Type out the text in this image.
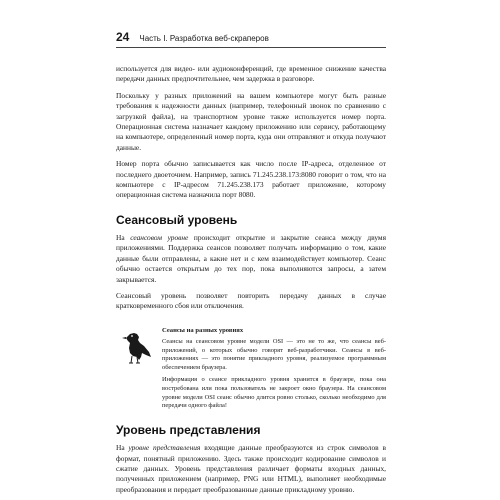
24 Часть I. Разработка веб-скраперов

используется для видео- или аудиоконференций, где временное снижение качества передачи данных предпочтительнее, чем задержка в разговоре.

Поскольку у разных приложений на вашем компьютере могут быть разные требования к надежности данных (например, телефонный звонок по сравнению с загрузкой файла), на транспортном уровне также используется номер порта. Операционная система назначает каждому приложению или сервису, работающему на компьютере, определенный номер порта, куда они отправляют и откуда получают данные.

Номер порта обычно записывается как число после IP-адреса, отделенное от последнего двоеточием. Например, запись 71.245.238.173:8080 говорит о том, что на компьютере с IP-адресом 71.245.238.173 работает приложение, которому операционная система назначила порт 8080.

Сеансовый уровень

На сеансовом уровне происходит открытие и закрытие сеанса между двумя приложениями. Поддержка сеансов позволяет получать информацию о том, какие данные были отправлены, а какие нет и с кем взаимодействует компьютер. Сеанс обычно остается открытым до тех пор, пока выполняются запросы, а затем закрывается.

Сеансовый уровень позволяет повторить передачу данных в случае кратковременного сбоя или отключения.

Сеансы на разных уровнях

Сеансы на сеансовом уровне модели OSI — это не то же, что сеансы веб-приложений, о которых обычно говорят веб-разработчики. Сеансы в веб-приложениях — это понятие прикладного уровня, реализуемое программным обеспечением браузера.

Информация о сеансе прикладного уровня хранится в браузере, пока она востребована или пока пользователь не закроет окно браузера. На сеансовом уровне модели OSI сеанс обычно длится ровно столько, сколько необходимо для передачи одного файла!

Уровень представления

На уровне представления входящие данные преобразуются из строк символов в формат, понятный приложению. Здесь также происходит кодирование символов и сжатие данных. Уровень представления различает форматы входных данных, полученных приложением (например, PNG или HTML), выполняет необходимые преобразования и передает преобразованные данные прикладному уровню.
